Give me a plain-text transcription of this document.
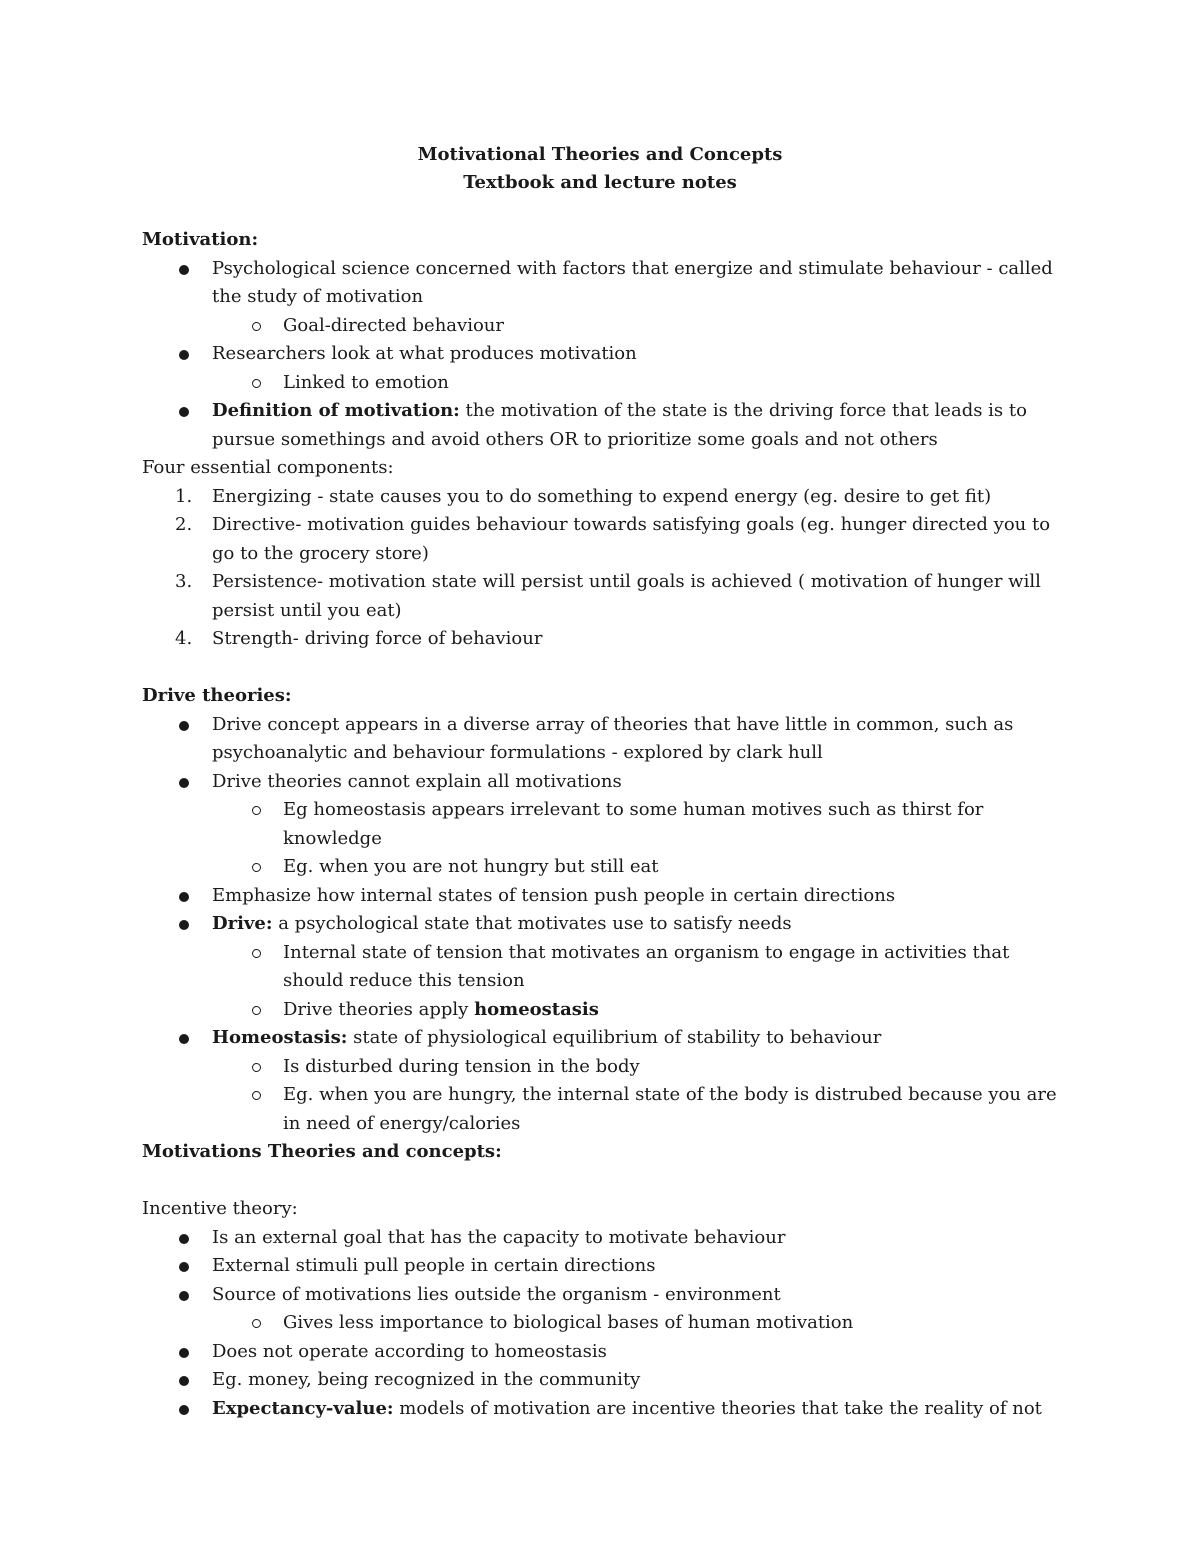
Motivational Theories and Concepts
Textbook and lecture notes
Motivation:
Psychological science concerned with factors that energize and stimulate behaviour - called the study of motivation
Goal-directed behaviour
Researchers look at what produces motivation
Linked to emotion
Definition of motivation: the motivation of the state is the driving force that leads is to pursue somethings and avoid others OR to prioritize some goals and not others
Four essential components:
1. Energizing - state causes you to do something to expend energy (eg. desire to get fit)
2. Directive- motivation guides behaviour towards satisfying goals (eg. hunger directed you to go to the grocery store)
3. Persistence- motivation state will persist until goals is achieved ( motivation of hunger will persist until you eat)
4. Strength- driving force of behaviour
Drive theories:
Drive concept appears in a diverse array of theories that have little in common, such as psychoanalytic and behaviour formulations - explored by clark hull
Drive theories cannot explain all motivations
Eg homeostasis appears irrelevant to some human motives such as thirst for knowledge
Eg. when you are not hungry but still eat
Emphasize how internal states of tension push people in certain directions
Drive: a psychological state that motivates use to satisfy needs
Internal state of tension that motivates an organism to engage in activities that should reduce this tension
Drive theories apply homeostasis
Homeostasis: state of physiological equilibrium of stability to behaviour
Is disturbed during tension in the body
Eg. when you are hungry, the internal state of the body is distrubed because you are in need of energy/calories
Motivations Theories and concepts:
Incentive theory:
Is an external goal that has the capacity to motivate behaviour
External stimuli pull people in certain directions
Source of motivations lies outside the organism - environment
Gives less importance to biological bases of human motivation
Does not operate according to homeostasis
Eg. money, being recognized in the community
Expectancy-value: models of motivation are incentive theories that take the reality of not
